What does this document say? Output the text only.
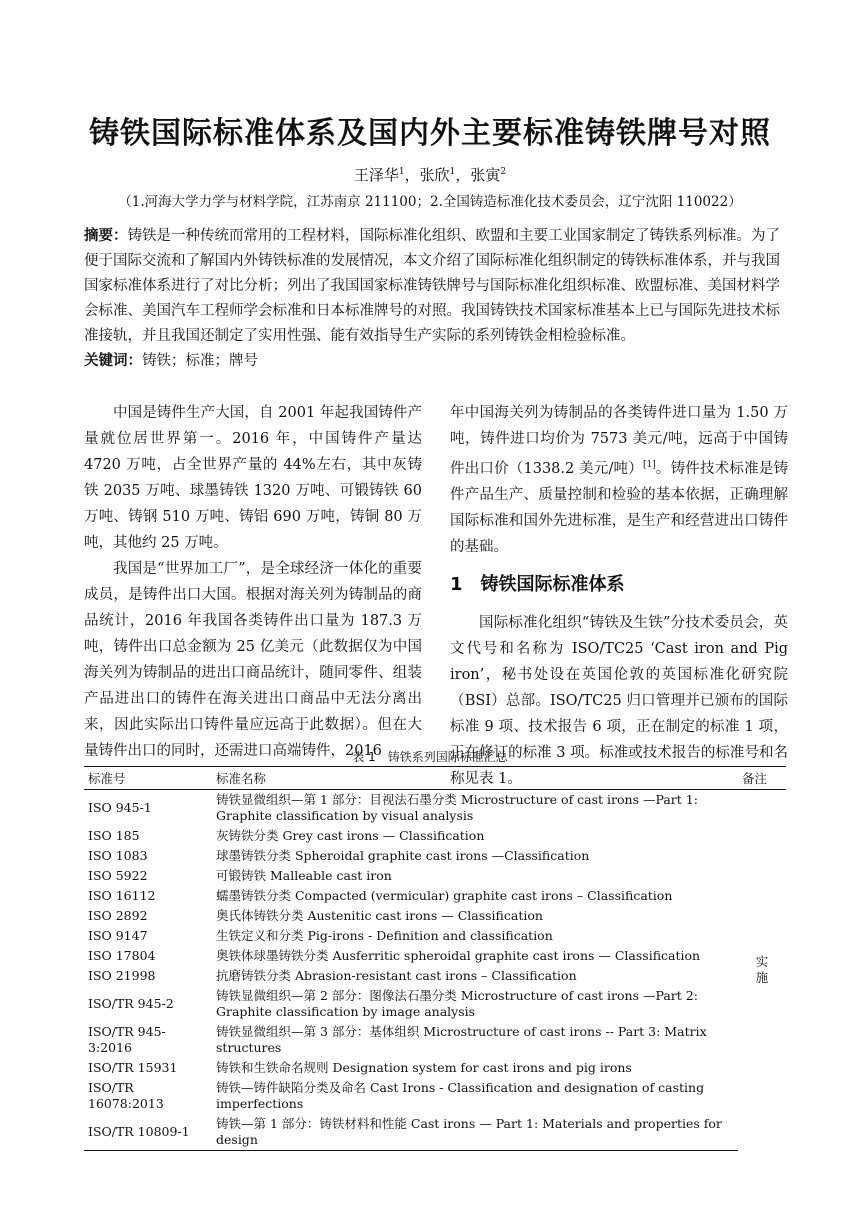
铸铁国际标准体系及国内外主要标准铸铁牌号对照
王泽华$^1$，张欣$^1$，张寅$^2$
（1.河海大学力学与材料学院，江苏南京 211100；2.全国铸造标准化技术委员会，辽宁沈阳 110022）
摘要：铸铁是一种传统而常用的工程材料，国际标准化组织、欧盟和主要工业国家制定了铸铁系列标准。为了便于国际交流和了解国内外铸铁标准的发展情况，本文介绍了国际标准化组织制定的铸铁标准体系，并与我国国家标准体系进行了对比分析；列出了我国国家标准铸铁牌号与国际标准化组织标准、欧盟标准、美国材料学会标准、美国汽车工程师学会标准和日本标准牌号的对照。我国铸铁技术国家标准基本上已与国际先进技术标准接轨，并且我国还制定了实用性强、能有效指导生产实际的系列铸铁金相检验标准。
关键词：铸铁；标准；牌号

中国是铸件生产大国，自 2001 年起我国铸件产量就位居世界第一。2016 年，中国铸件产量达 4720 万吨，占全世界产量的 44%左右，其中灰铸铁 2035 万吨、球墨铸铁 1320 万吨、可锻铸铁 60 万吨、铸钢 510 万吨、铸铝 690 万吨，铸铜 80 万吨，其他约 25 万吨。

我国是“世界加工厂”，是全球经济一体化的重要成员，是铸件出口大国。根据对海关列为铸制品的商品统计，2016 年我国各类铸件出口量为 187.3 万吨，铸件出口总金额为 25 亿美元（此数据仅为中国海关列为铸制品的进出口商品统计，随同零件、组装产品进出口的铸件在海关进出口商品中无法分离出来，因此实际出口铸件量应远高于此数据）。但在大量铸件出口的同时，还需进口高端铸件，2016

年中国海关列为铸制品的各类铸件进口量为 1.50 万吨，铸件进口均价为 7573 美元/吨，远高于中国铸件出口价（1338.2 美元/吨）[1]。铸件技术标准是铸件产品生产、质量控制和检验的基本依据，正确理解国际标准和国外先进标准，是生产和经营进出口铸件的基础。

1　铸铁国际标准体系

国际标准化组织“铸铁及生铁”分技术委员会，英文代号和名称为 ISO/TC25 ‘Cast iron and Pig iron’，秘书处设在英国伦敦的英国标准化研究院（BSI）总部。ISO/TC25 归口管理并已颁布的国际标准 9 项、技术报告 6 项，正在制定的标准 1 项，正在修订的标准 3 项。标准或技术报告的标准号和名称见表 1。

表 1　铸铁系列国际标准汇总
标准号	标准名称	备注
ISO 945-1	铸铁显微组织—第 1 部分：目视法石墨分类 Microstructure of cast irons —Part 1: Graphite classification by visual analysis	实
施
ISO 185	灰铸铁分类 Grey cast irons — Classification	
ISO 1083	球墨铸铁分类 Spheroidal graphite cast irons —Classification	
ISO 5922	可锻铸铁 Malleable cast iron	
ISO 16112	蠕墨铸铁分类 Compacted (vermicular) graphite cast irons – Classification	
ISO 2892	奥氏体铸铁分类 Austenitic cast irons — Classification	
ISO 9147	生铁定义和分类 Pig-irons - Definition and classification	
ISO 17804	奥铁体球墨铸铁分类 Ausferritic spheroidal graphite cast irons — Classification	
ISO 21998	抗磨铸铁分类 Abrasion-resistant cast irons – Classification	
ISO/TR 945-2	铸铁显微组织—第 2 部分：图像法石墨分类 Microstructure of cast irons —Part 2: Graphite classification by image analysis	
ISO/TR 945-3:2016	铸铁显微组织—第 3 部分：基体组织 Microstructure of cast irons -- Part 3: Matrix structures	
ISO/TR 15931	铸铁和生铁命名规则 Designation system for cast irons and pig irons	
ISO/TR 16078:2013	铸铁—铸件缺陷分类及命名 Cast Irons - Classification and designation of casting imperfections	
ISO/TR 10809-1	铸铁—第 1 部分：铸铁材料和性能 Cast irons — Part 1: Materials and properties for design	
